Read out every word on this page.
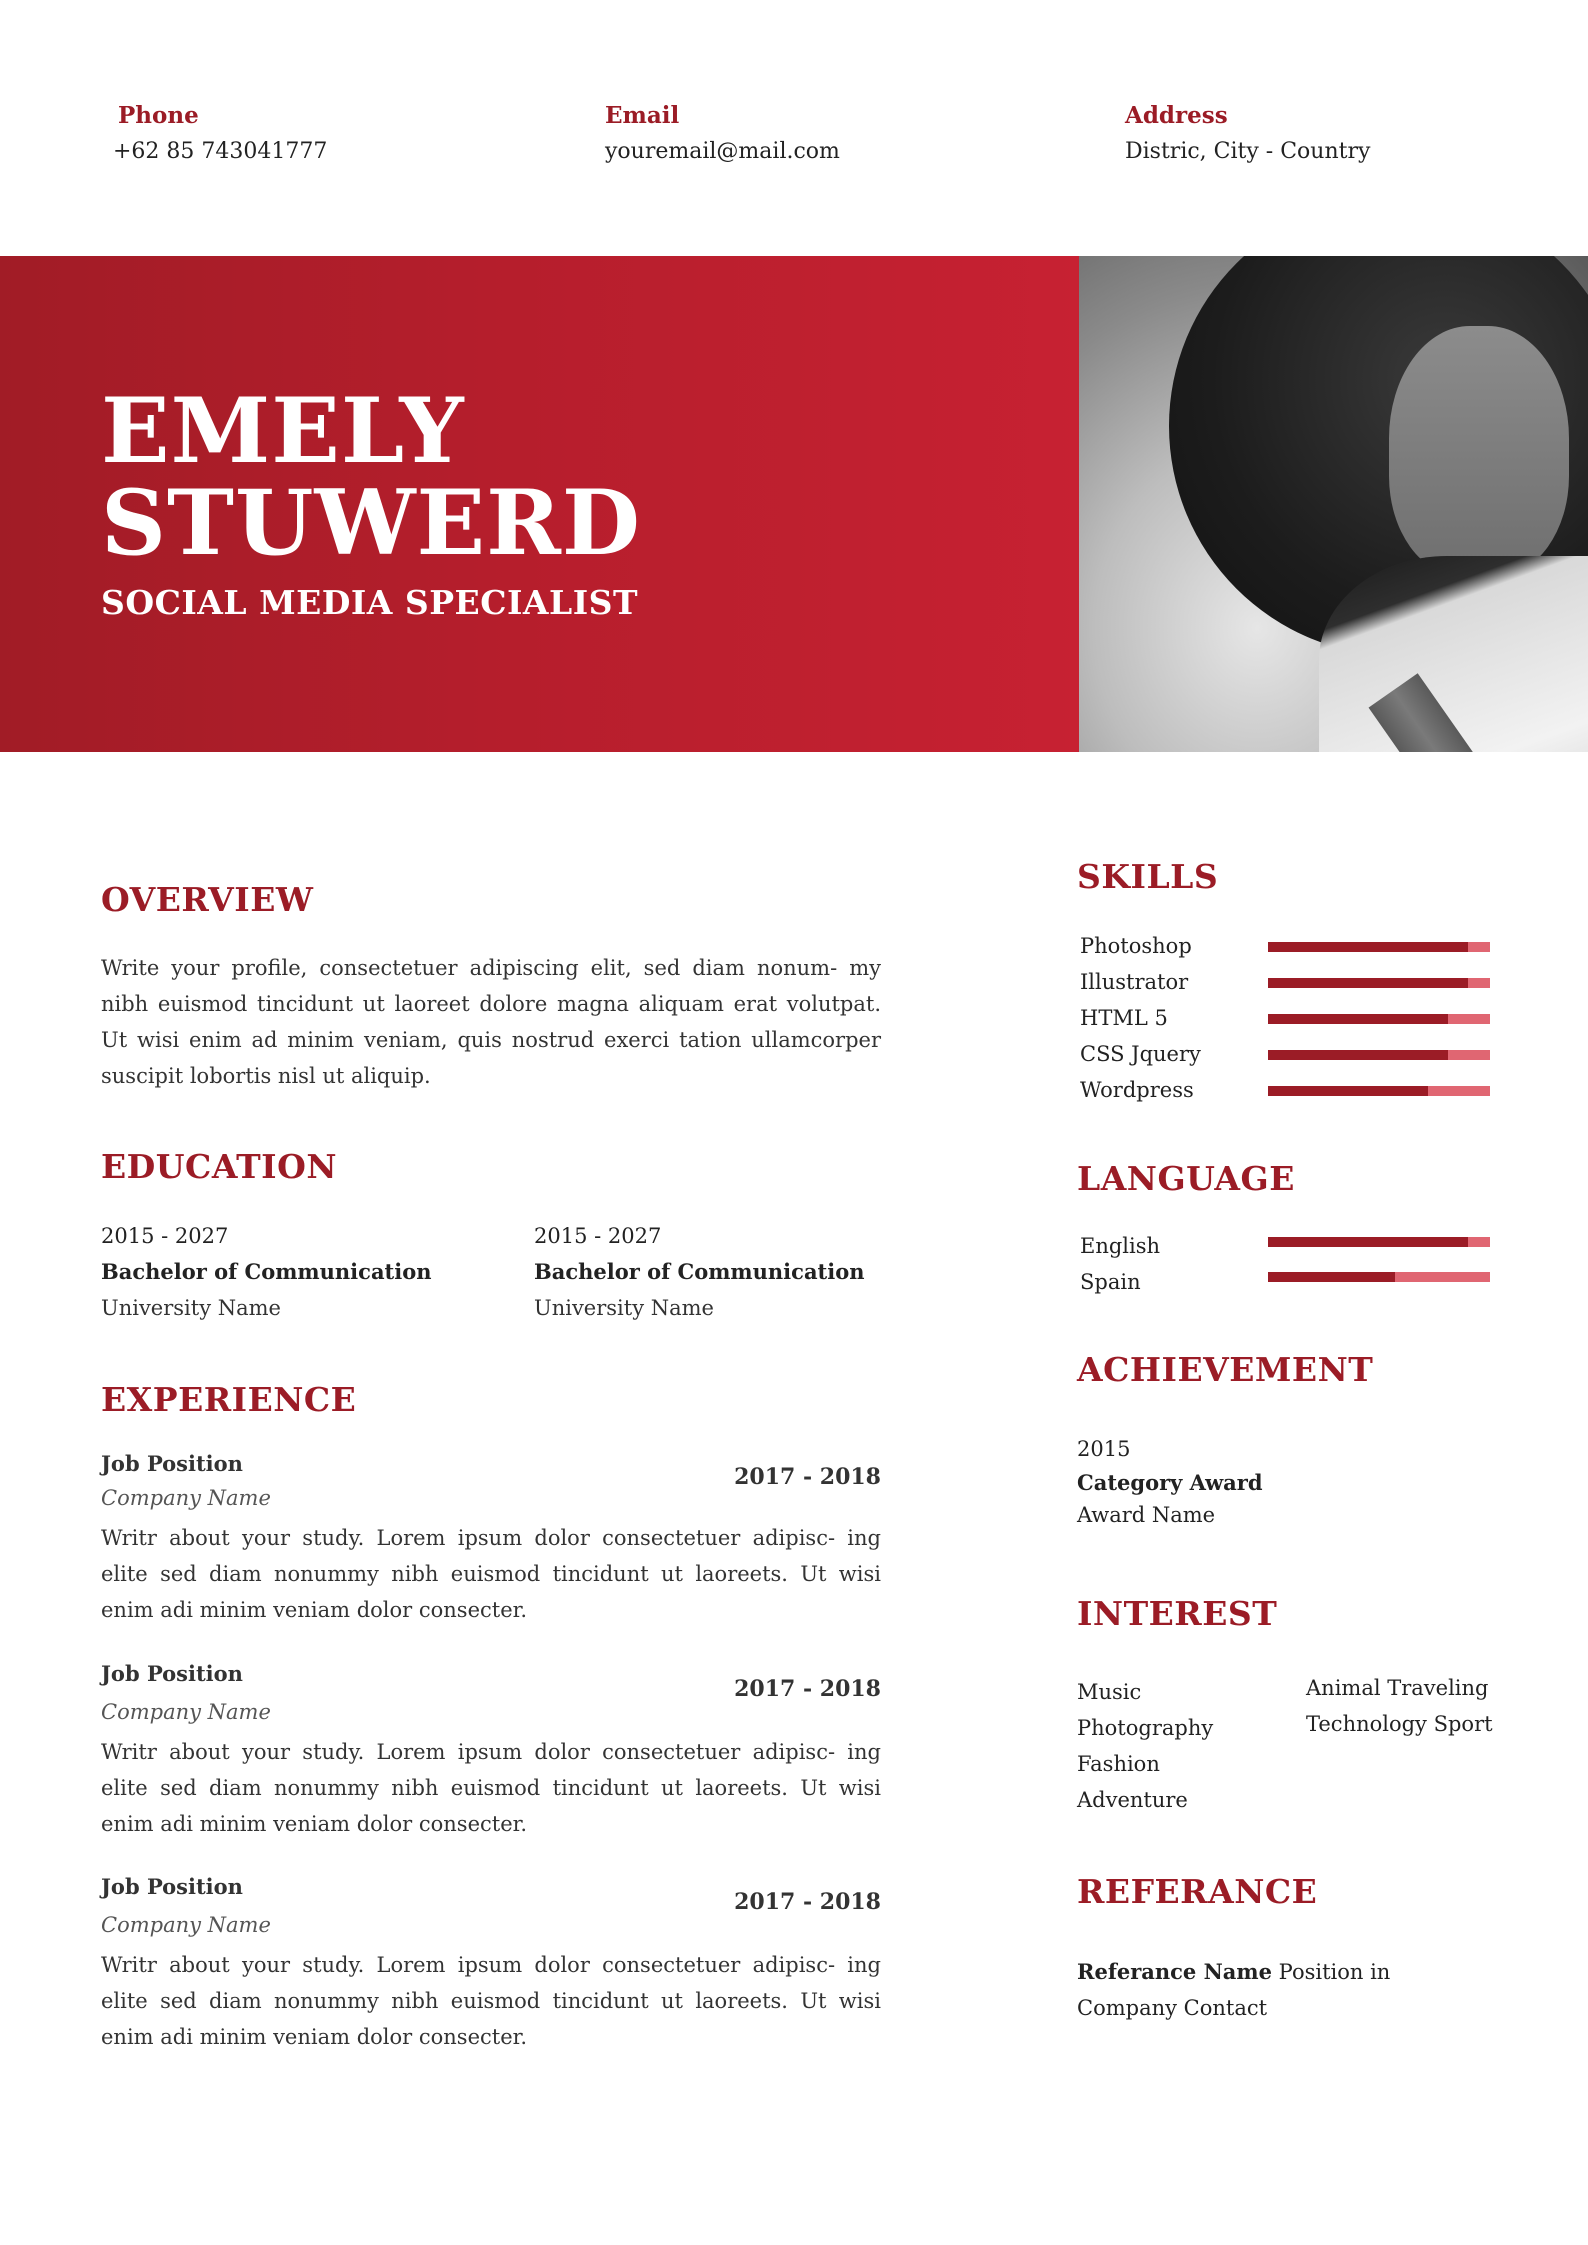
Phone
+62 85 743041777
Email
youremail@mail.com
Address
Distric, City - Country
EMELY
STUWERD
SOCIAL MEDIA SPECIALIST
OVERVIEW
Write your profile, consectetuer adipiscing elit, sed diam nonum- my nibh euismod tincidunt ut laoreet dolore magna aliquam erat volutpat. Ut wisi enim ad minim veniam, quis nostrud exerci tation ullamcorper suscipit lobortis nisl ut aliquip.
EDUCATION
2015 - 2027
Bachelor of Communication
University Name
2015 - 2027
Bachelor of Communication
University Name
EXPERIENCE
Job Position
Company Name
2017 - 2018
Writr about your study. Lorem ipsum dolor consectetuer adipisc- ing elite sed diam nonummy nibh euismod tincidunt ut laoreets. Ut wisi enim adi minim veniam dolor consecter.
Job Position
Company Name
2017 - 2018
Writr about your study. Lorem ipsum dolor consectetuer adipisc- ing elite sed diam nonummy nibh euismod tincidunt ut laoreets. Ut wisi enim adi minim veniam dolor consecter.
Job Position
Company Name
2017 - 2018
Writr about your study. Lorem ipsum dolor consectetuer adipisc- ing elite sed diam nonummy nibh euismod tincidunt ut laoreets. Ut wisi enim adi minim veniam dolor consecter.
SKILLS
Photoshop
Illustrator
HTML 5
CSS Jquery
Wordpress
LANGUAGE
English
Spain
ACHIEVEMENT
2015
Category Award
Award Name
INTEREST
Music
Photography
Fashion
Adventure
Animal Traveling
Technology Sport
REFERANCE
Referance Name Position in
Company Contact
